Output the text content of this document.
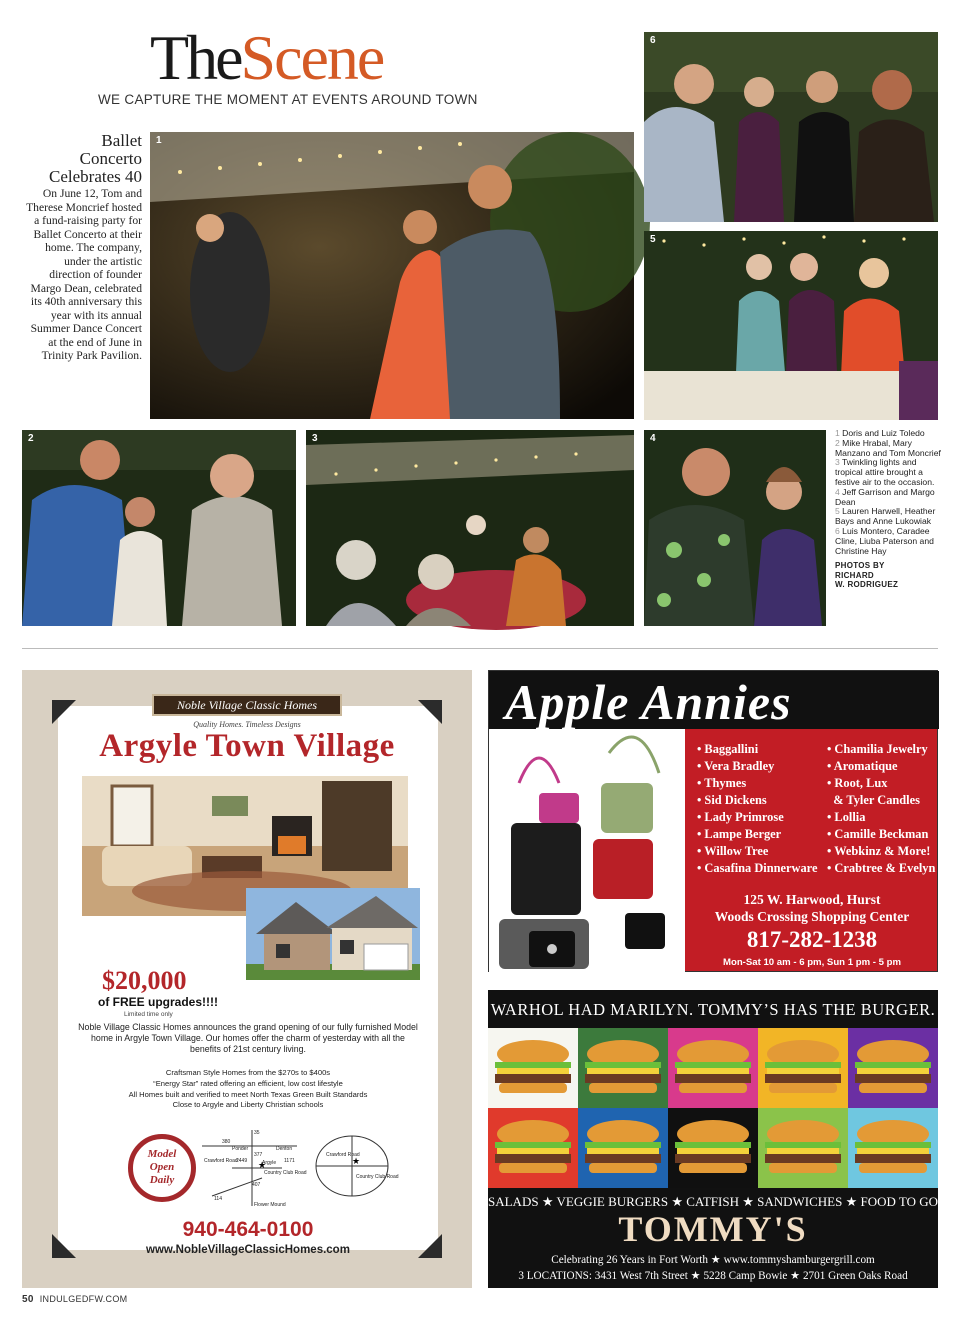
TheScene
WE CAPTURE THE MOMENT AT EVENTS AROUND TOWN
Ballet
Concerto
Celebrates 40

On June 12, Tom and Therese Moncrief hosted a fund-raising party for Ballet Concerto at their home. The company, under the artistic direction of founder Margo Dean, celebrated its 40th anniversary this year with its annual Summer Dance Concert at the end of June in Trinity Park Pavilion.

1
6
5
2	3	4	1 Doris and Luiz Toledo
2 Mike Hrabal, Mary Manzano and Tom Moncrief
3 Twinkling lights and tropical attire brought a festive air to the occasion.
4 Jeff Garrison and Margo Dean
5 Lauren Harwell, Heather Bays and Anne Lukowiak
6 Luis Montero, Caradee Cline, Liuba Paterson and Christine Hay
PHOTOS BY
RICHARD
W. RODRIGUEZ
Noble Village Classic Homes
Quality Homes. Timeless Designs
Argyle Town Village
$20,000
of FREE upgrades!!!!
Limited time only
Noble Village Classic Homes announces the grand opening of our fully furnished Model home in Argyle Town Village. Our homes offer the charm of yesterday with all the benefits of 21st century living.
Craftsman Style Homes from the $270s to $400s
“Energy Star” rated offering an efficient, low cost lifestyle
All Homes built and verified to meet North Texas Green Built Standards
Close to Argyle and Liberty Christian schools
Model
Open
Daily
35
380
Ponder	Denton
377
Argyle
Crawford Road
2449	1171
Country Club Road
407
114
Flower Mound
Crawford Road
Country Club Road
★	★
940-464-0100
www.NobleVillageClassicHomes.com
Apple Annies
• Baggallini
• Vera Bradley
• Thymes
• Sid Dickens
• Lady Primrose
• Lampe Berger
• Willow Tree
• Casafina Dinnerware
• Chamilia Jewelry
• Aromatique
• Root, Lux
& Tyler Candles
• Lollia
• Camille Beckman
• Webkinz & More!
• Crabtree & Evelyn
125 W. Harwood, Hurst
Woods Crossing Shopping Center
817-282-1238
Mon-Sat 10 am - 6 pm, Sun 1 pm - 5 pm
WARHOL HAD MARILYN. TOMMY’S HAS THE BURGER.
SALADS ★ VEGGIE BURGERS ★ CATFISH ★ SANDWICHES ★ FOOD TO GO
TOMMY'S
Celebrating 26 Years in Fort Worth ★ www.tommyshamburgergrill.com
3 LOCATIONS: 3431 West 7th Street ★ 5228 Camp Bowie ★ 2701 Green Oaks Road
50 INDULGEDFW.COM
